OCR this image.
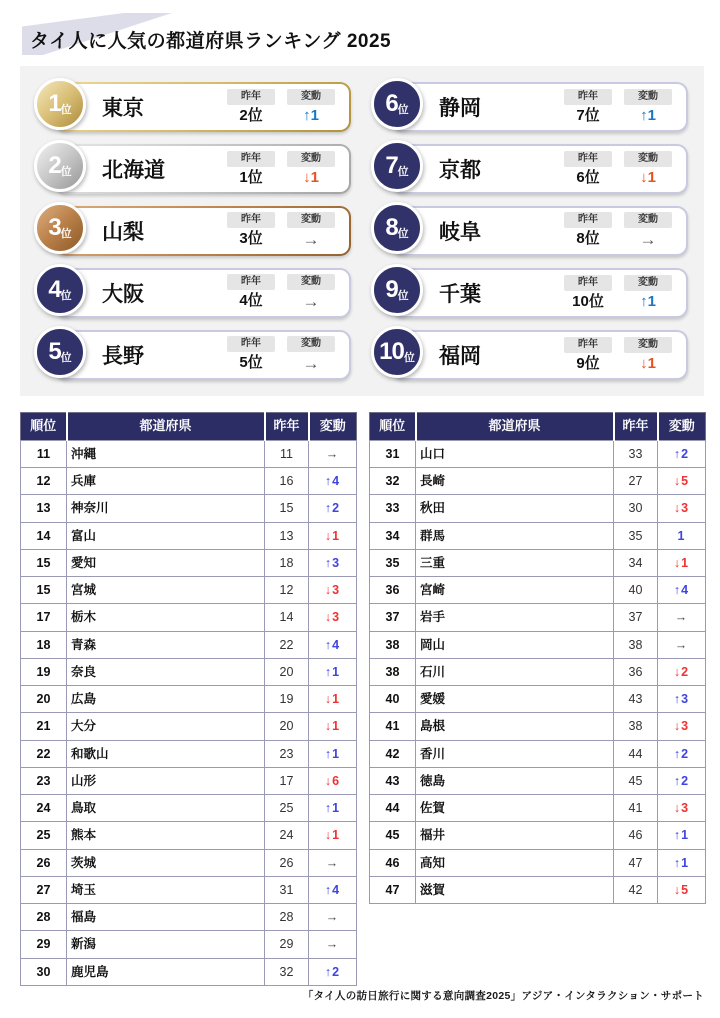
タイ人に人気の都道府県ランキング 2025
1 位 東京
昨年
2位
変動
↑1
2 位 北海道
昨年
1位
変動
↓1
3 位 山梨
昨年
3位
変動
→
4 位 大阪
昨年
4位
変動
→
5 位 長野
昨年
5位
変動
→
6 位 静岡
昨年
7位
変動
↑1
7 位 京都
昨年
6位
変動
↓1
8 位 岐阜
昨年
8位
変動
→
9 位 千葉
昨年
10位
変動
↑1
10 位 福岡
昨年
9位
変動
↓1
順位	都道府県	昨年	変動
11	沖縄	11	→
12	兵庫	16	↑4
13	神奈川	15	↑2
14	富山	13	↓1
15	愛知	18	↑3
15	宮城	12	↓3
17	栃木	14	↓3
18	青森	22	↑4
19	奈良	20	↑1
20	広島	19	↓1
21	大分	20	↓1
22	和歌山	23	↑1
23	山形	17	↓6
24	鳥取	25	↑1
25	熊本	24	↓1
26	茨城	26	→
27	埼玉	31	↑4
28	福島	28	→
29	新潟	29	→
30	鹿児島	32	↑2
順位	都道府県	昨年	変動
31	山口	33	↑2
32	長崎	27	↓5
33	秋田	30	↓3
34	群馬	35	1
35	三重	34	↓1
36	宮崎	40	↑4
37	岩手	37	→
38	岡山	38	→
38	石川	36	↓2
40	愛媛	43	↑3
41	島根	38	↓3
42	香川	44	↑2
43	徳島	45	↑2
44	佐賀	41	↓3
45	福井	46	↑1
46	高知	47	↑1
47	滋賀	42	↓5
「タイ人の訪日旅行に関する意向調査2025」アジア・インタラクション・サポート
